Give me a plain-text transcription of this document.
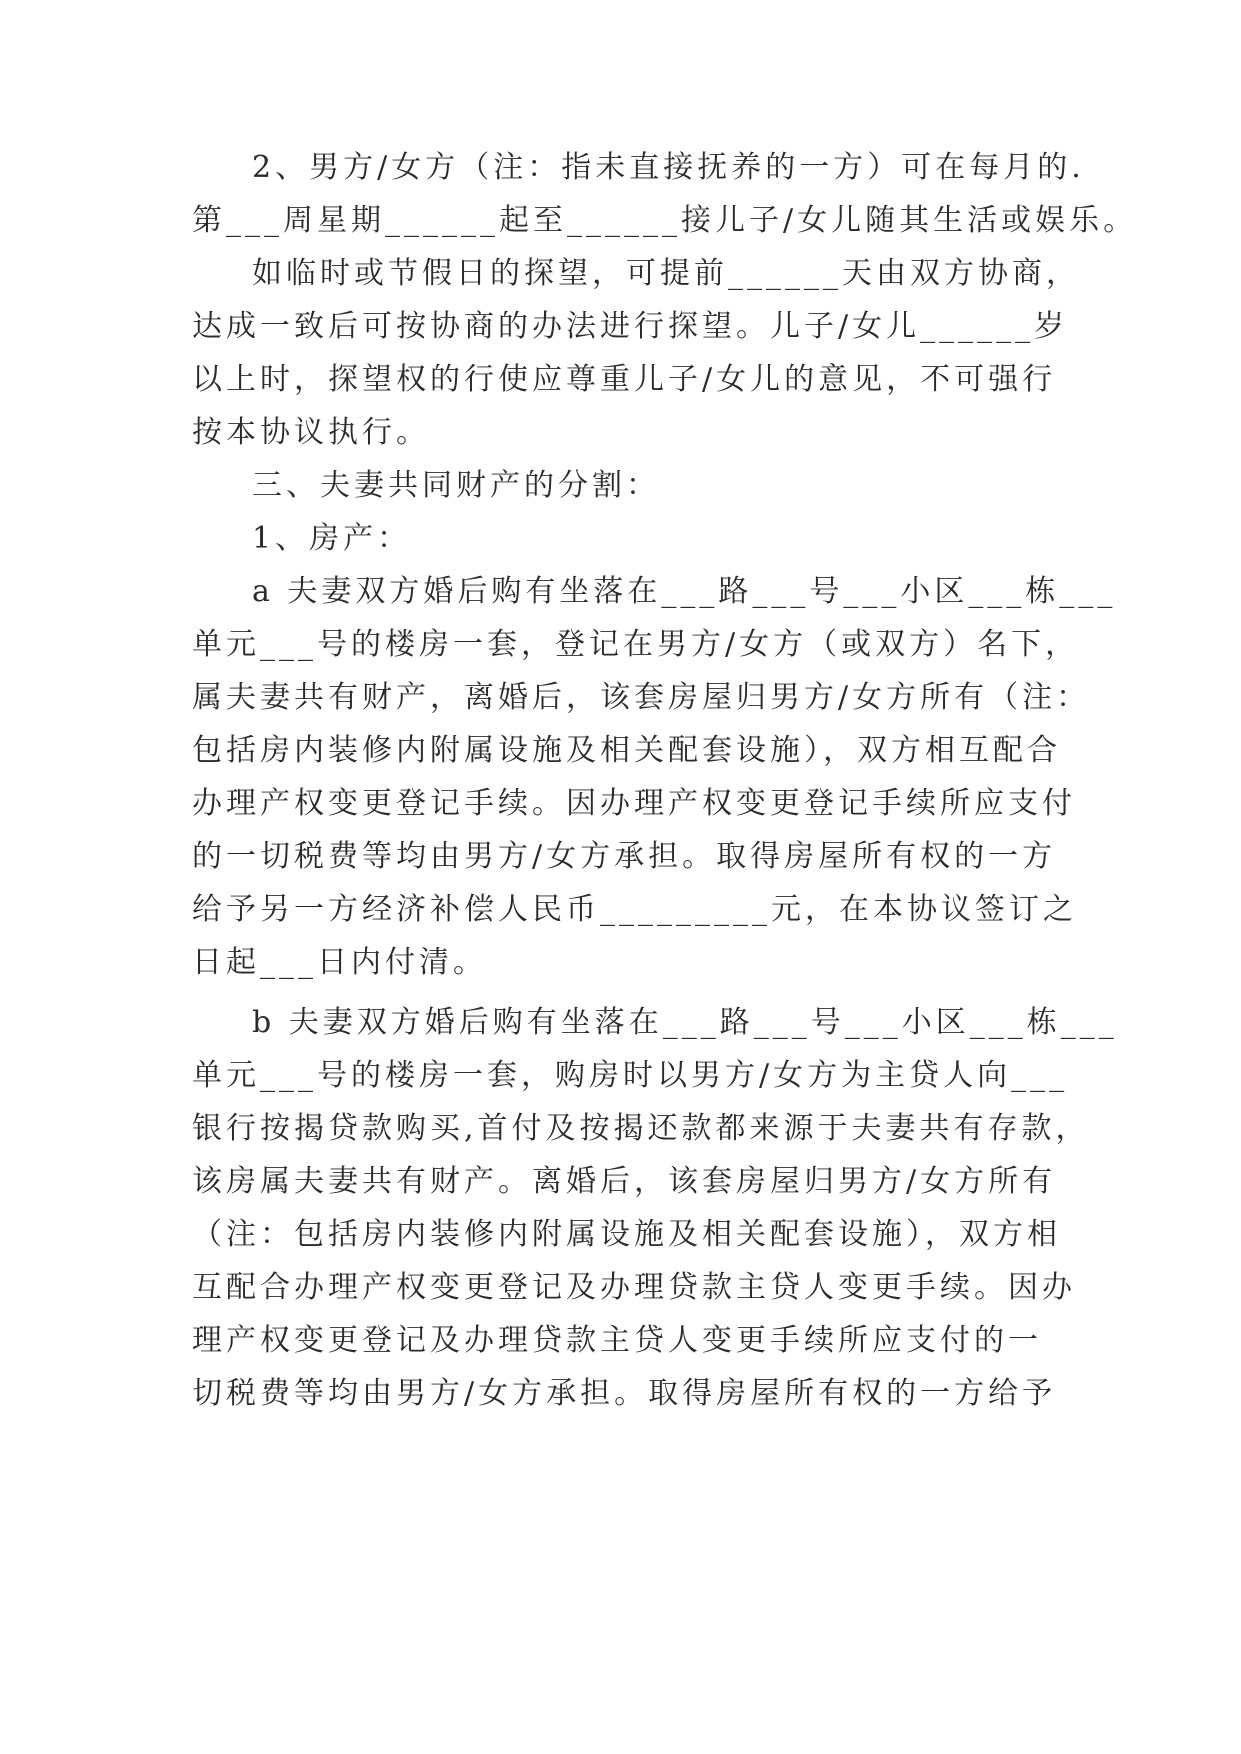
2、男方/女方（注：指未直接抚养的一方）可在每月的.
第___周星期______起至______接儿子/女儿随其生活或娱乐。
如临时或节假日的探望，可提前______天由双方协商，
达成一致后可按协商的办法进行探望。儿子/女儿______岁
以上时，探望权的行使应尊重儿子/女儿的意见，不可强行
按本协议执行。
三、夫妻共同财产的分割：
1、房产：
a 夫妻双方婚后购有坐落在___路___号___小区___栋___
单元___号的楼房一套，登记在男方/女方（或双方）名下，
属夫妻共有财产，离婚后，该套房屋归男方/女方所有（注：
包括房内装修内附属设施及相关配套设施），双方相互配合
办理产权变更登记手续。因办理产权变更登记手续所应支付
的一切税费等均由男方/女方承担。取得房屋所有权的一方
给予另一方经济补偿人民币_________元，在本协议签订之
日起___日内付清。
b 夫妻双方婚后购有坐落在___路___号___小区___栋___
单元___号的楼房一套，购房时以男方/女方为主贷人向___
银行按揭贷款购买,首付及按揭还款都来源于夫妻共有存款，
该房属夫妻共有财产。离婚后，该套房屋归男方/女方所有
（注：包括房内装修内附属设施及相关配套设施），双方相
互配合办理产权变更登记及办理贷款主贷人变更手续。因办
理产权变更登记及办理贷款主贷人变更手续所应支付的一
切税费等均由男方/女方承担。取得房屋所有权的一方给予
